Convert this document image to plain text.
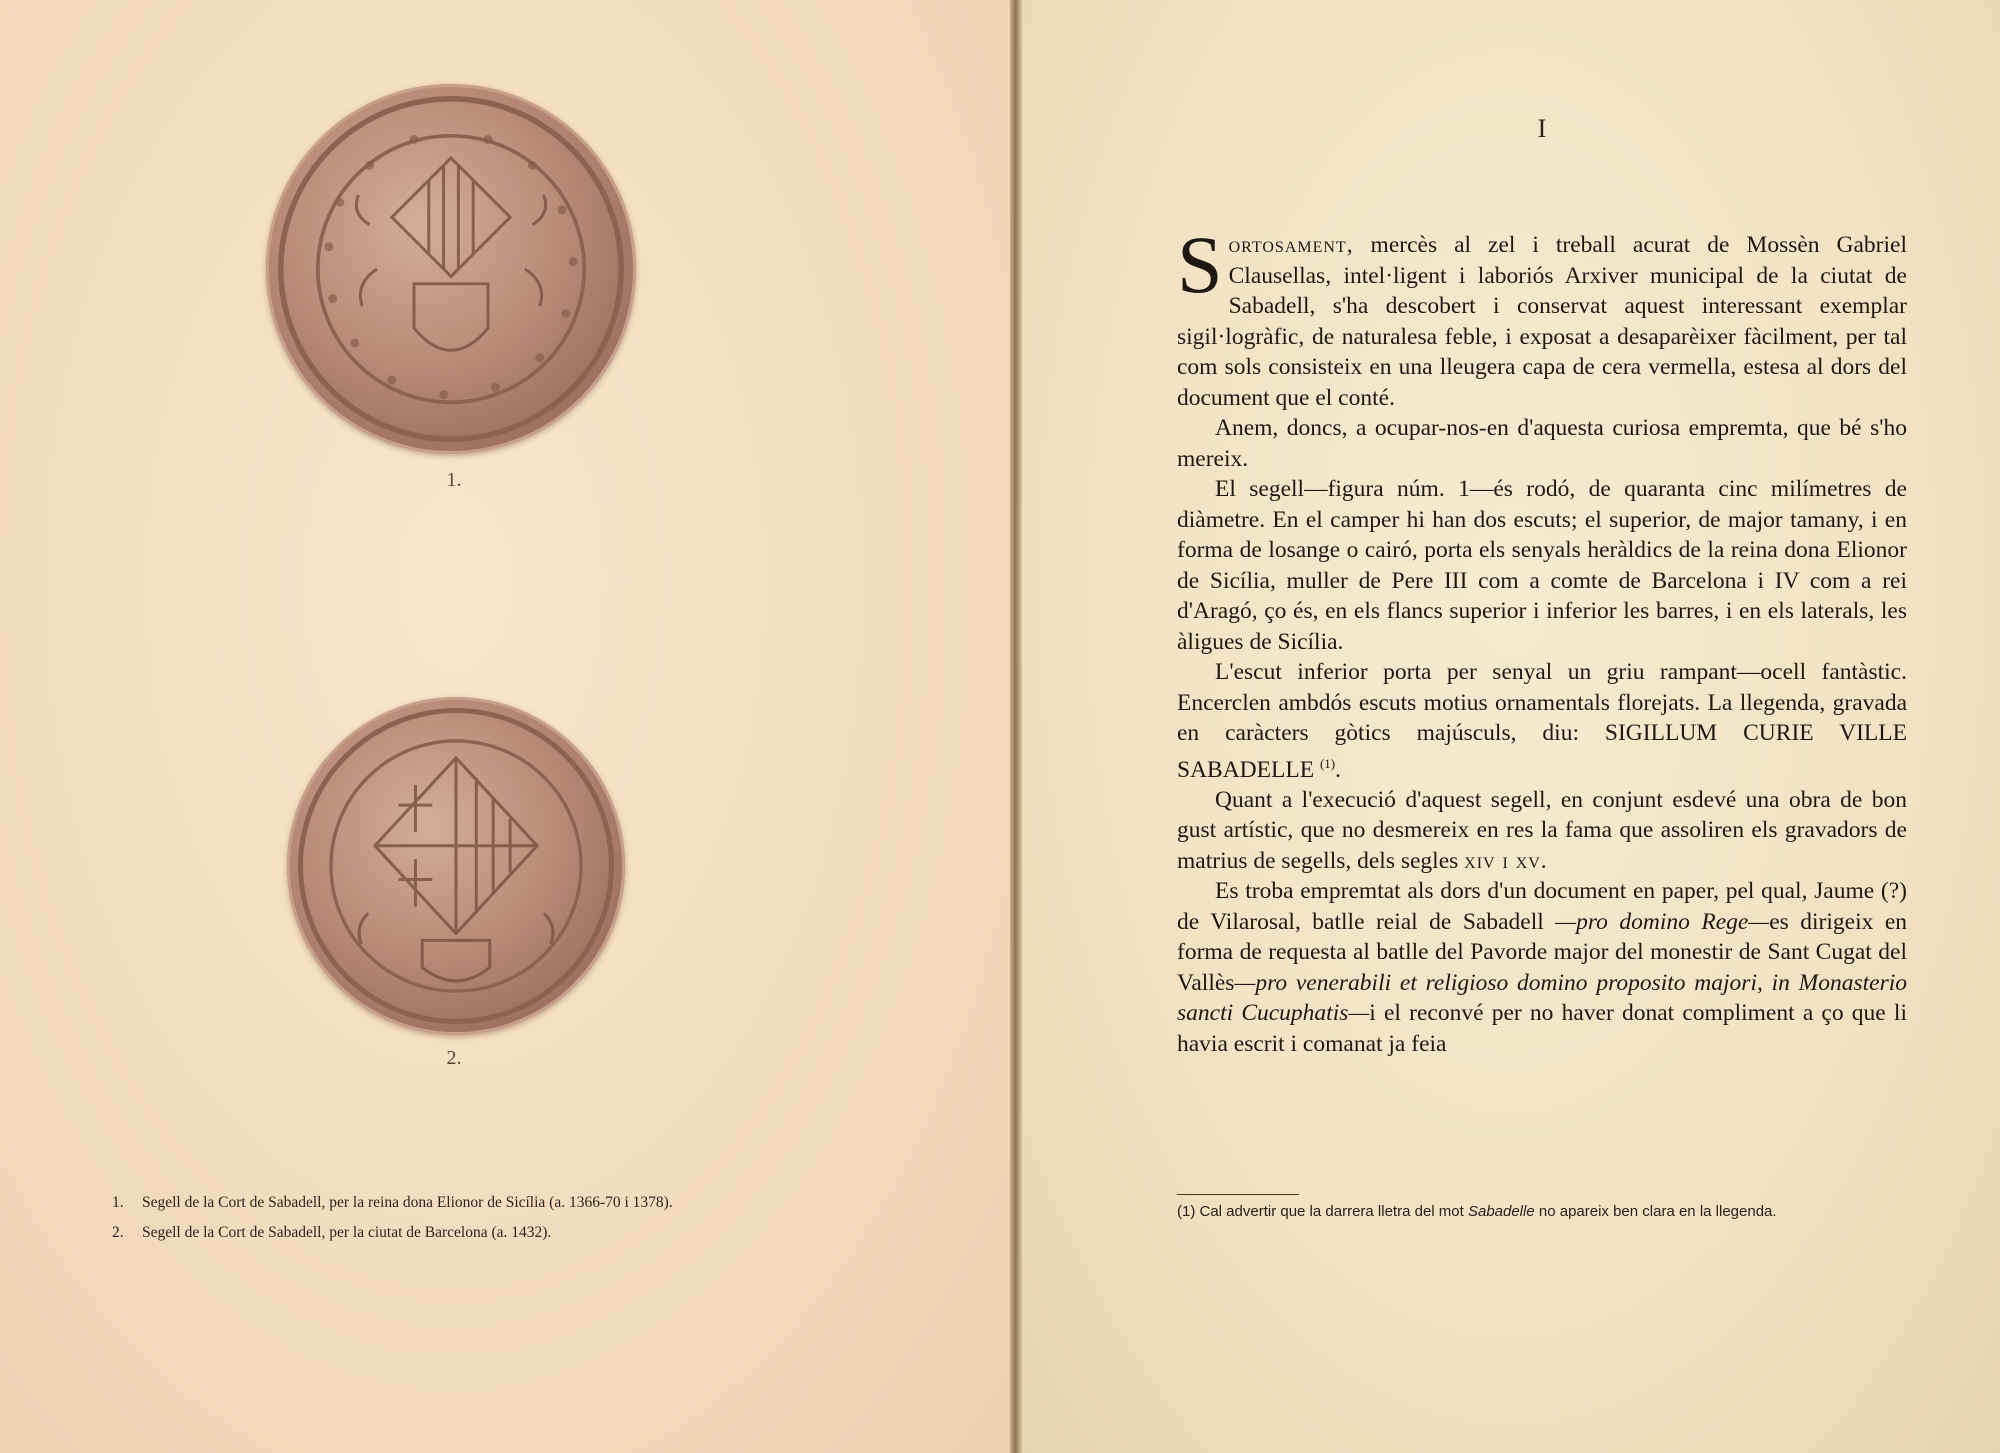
1.
2.
1.	Segell de la Cort de Sabadell, per la reina dona Elionor de Sicília (a. 1366-70 i 1378).
2.	Segell de la Cort de Sabadell, per la ciutat de Barcelona (a. 1432).
I

Sortosament, mercès al zel i treball acurat de Mossèn Gabriel Clausellas, intel·ligent i laboriós Arxiver municipal de la ciutat de Sabadell, s'ha descobert i conservat aquest interessant exemplar sigil·logràfic, de naturalesa feble, i exposat a desaparèixer fàcilment, per tal com sols consisteix en una lleugera capa de cera vermella, estesa al dors del document que el conté.

Anem, doncs, a ocupar-nos-en d'aquesta curiosa empremta, que bé s'ho mereix.

El segell—figura núm. 1—és rodó, de quaranta cinc milímetres de diàmetre. En el camper hi han dos escuts; el superior, de major tamany, i en forma de losange o cairó, porta els senyals heràldics de la reina dona Elionor de Sicília, muller de Pere III com a comte de Barcelona i IV com a rei d'Aragó, ço és, en els flancs superior i inferior les barres, i en els laterals, les àligues de Sicília.

L'escut inferior porta per senyal un griu rampant—ocell fantàstic. Encerclen ambdós escuts motius ornamentals florejats. La llegenda, gravada en caràcters gòtics majúsculs, diu: SIGILLUM CURIE VILLE SABADELLE $^{(1)}$.

Quant a l'execució d'aquest segell, en conjunt esdevé una obra de bon gust artístic, que no desmereix en res la fama que assoliren els gravadors de matrius de segells, dels segles xiv i xv.

Es troba empremtat als dors d'un document en paper, pel qual, Jaume (?) de Vilarosal, batlle reial de Sabadell —pro domino Rege—es dirigeix en forma de requesta al batlle del Pavorde major del monestir de Sant Cugat del Vallès—pro venerabili et religioso domino proposito majori, in Monasterio sancti Cucuphatis—i el reconvé per no haver donat compliment a ço que li havia escrit i comanat ja feia

(1) Cal advertir que la darrera lletra del mot Sabadelle no apareix ben clara en la llegenda.
